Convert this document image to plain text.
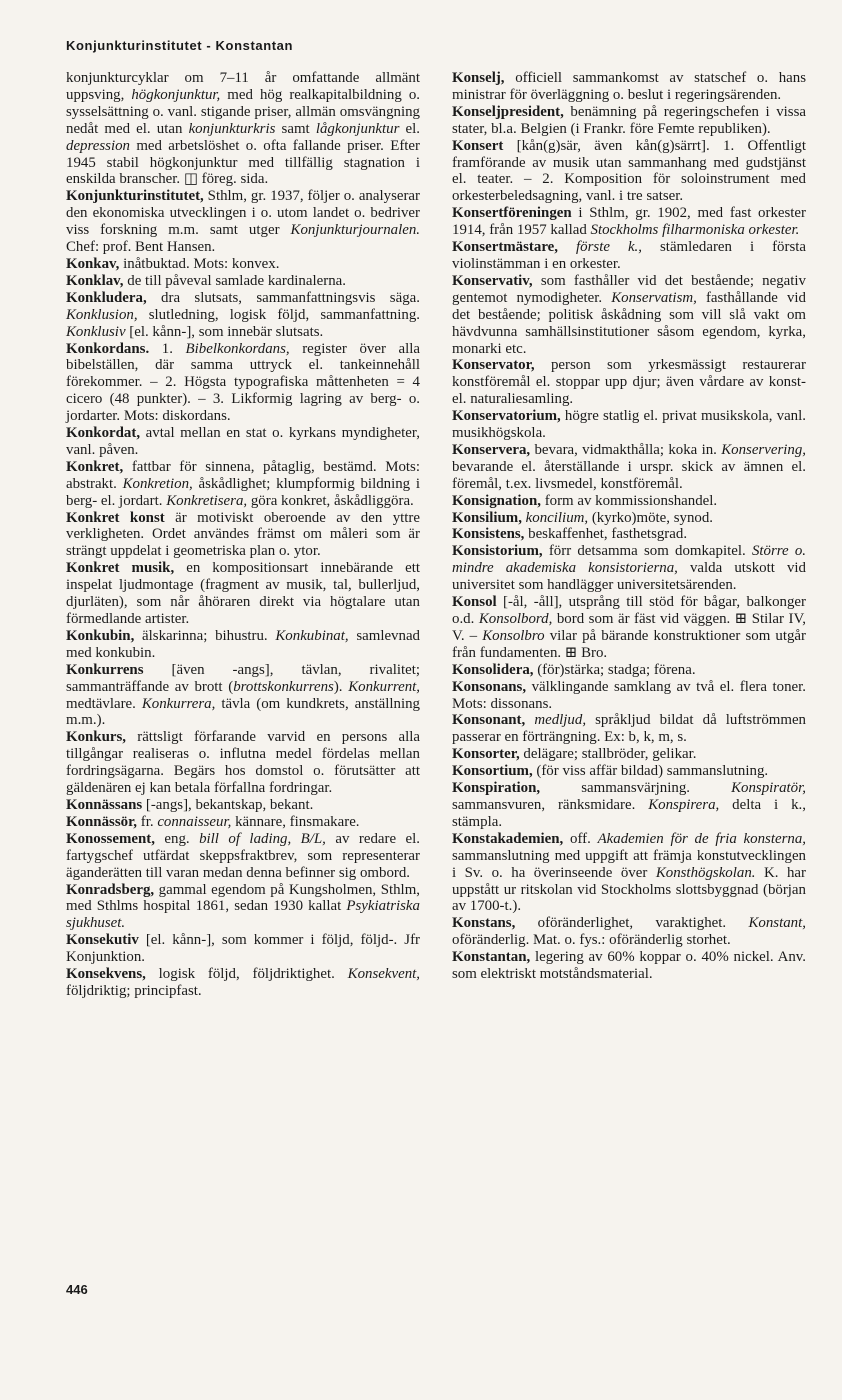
Konjunkturinstitutet - Konstantan

konjunkturcyklar om 7–11 år omfattande allmänt uppsving, högkonjunktur, med hög realkapitalbildning o. sysselsättning o. vanl. stigande priser, allmän omsvängning nedåt med el. utan konjunkturkris samt lågkonjunktur el. depression med arbetslöshet o. ofta fallande priser. Efter 1945 stabil högkonjunktur med tillfällig stagnation i enskilda branscher. ◫ föreg. sida.

Konjunkturinstitutet, Sthlm, gr. 1937, följer o. analyserar den ekonomiska utvecklingen i o. utom landet o. bedriver viss forskning m.m. samt utger Konjunkturjournalen. Chef: prof. Bent Hansen.

Konkav, inåtbuktad. Mots: konvex.

Konklav, de till påveval samlade kardinalerna.

Konkludera, dra slutsats, sammanfattningsvis säga. Konklusion, slutledning, logisk följd, sammanfattning. Konklusiv [el. kånn-], som innebär slutsats.

Konkordans. 1. Bibelkonkordans, register över alla bibelställen, där samma uttryck el. tankeinnehåll förekommer. – 2. Högsta typografiska måttenheten = 4 cicero (48 punkter). – 3. Likformig lagring av berg- o. jordarter. Mots: diskordans.

Konkordat, avtal mellan en stat o. kyrkans myndigheter, vanl. påven.

Konkret, fattbar för sinnena, påtaglig, bestämd. Mots: abstrakt. Konkretion, åskådlighet; klumpformig bildning i berg- el. jordart. Konkretisera, göra konkret, åskådliggöra.

Konkret konst är motiviskt oberoende av den yttre verkligheten. Ordet användes främst om måleri som är strängt uppdelat i geometriska plan o. ytor.

Konkret musik, en kompositionsart innebärande ett inspelat ljudmontage (fragment av musik, tal, bullerljud, djurläten), som når åhöraren direkt via högtalare utan förmedlande artister.

Konkubin, älskarinna; bihustru. Konkubinat, samlevnad med konkubin.

Konkurrens [även -angs], tävlan, rivalitet; sammanträffande av brott (brottskonkurrens). Konkurrent, medtävlare. Konkurrera, tävla (om kundkrets, anställning m.m.).

Konkurs, rättsligt förfarande varvid en persons alla tillgångar realiseras o. influtna medel fördelas mellan fordringsägarna. Begärs hos domstol o. förutsätter att gäldenären ej kan betala förfallna fordringar.

Konnässans [-angs], bekantskap, bekant.

Konnässör, fr. connaisseur, kännare, finsmakare.

Konossement, eng. bill of lading, B/L, av redare el. fartygschef utfärdat skeppsfraktbrev, som representerar äganderätten till varan medan denna befinner sig ombord.

Konradsberg, gammal egendom på Kungsholmen, Sthlm, med Sthlms hospital 1861, sedan 1930 kallat Psykiatriska sjukhuset.

Konsekutiv [el. kånn-], som kommer i följd, följd-. Jfr Konjunktion.

Konsekvens, logisk följd, följdriktighet. Konsekvent, följdriktig; principfast.

Konselj, officiell sammankomst av statschef o. hans ministrar för överläggning o. beslut i regeringsärenden.

Konseljpresident, benämning på regeringschefen i vissa stater, bl.a. Belgien (i Frankr. före Femte republiken).

Konsert [kån(g)sär, även kån(g)särrt]. 1. Offentligt framförande av musik utan sammanhang med gudstjänst el. teater. – 2. Komposition för soloinstrument med orkesterbeledsagning, vanl. i tre satser.

Konsertföreningen i Sthlm, gr. 1902, med fast orkester 1914, från 1957 kallad Stockholms filharmoniska orkester.

Konsertmästare, förste k., stämledaren i första violinstämman i en orkester.

Konservativ, som fasthåller vid det bestående; negativ gentemot nymodigheter. Konservatism, fasthållande vid det bestående; politisk åskådning som vill slå vakt om hävdvunna samhällsinstitutioner såsom egendom, kyrka, monarki etc.

Konservator, person som yrkesmässigt restaurerar konstföremål el. stoppar upp djur; även vårdare av konst- el. naturaliesamling.

Konservatorium, högre statlig el. privat musikskola, vanl. musikhögskola.

Konservera, bevara, vidmakthålla; koka in. Konservering, bevarande el. återställande i urspr. skick av ämnen el. föremål, t.ex. livsmedel, konstföremål.

Konsignation, form av kommissionshandel.

Konsilium, koncilium, (kyrko)möte, synod.

Konsistens, beskaffenhet, fasthetsgrad.

Konsistorium, förr detsamma som domkapitel. Större o. mindre akademiska konsistorierna, valda utskott vid universitet som handlägger universitetsärenden.

Konsol [-ål, -åll], utsprång till stöd för bågar, balkonger o.d. Konsolbord, bord som är fäst vid väggen. ⊞ Stilar IV, V. – Konsolbro vilar på bärande konstruktioner som utgår från fundamenten. ⊞ Bro.

Konsolidera, (för)stärka; stadga; förena.

Konsonans, välklingande samklang av två el. flera toner. Mots: dissonans.

Konsonant, medljud, språkljud bildat då luftströmmen passerar en förträngning. Ex: b, k, m, s.

Konsorter, delägare; stallbröder, gelikar.

Konsortium, (för viss affär bildad) sammanslutning.

Konspiration, sammansvärjning. Konspiratör, sammansvuren, ränksmidare. Konspirera, delta i k., stämpla.

Konstakademien, off. Akademien för de fria konsterna, sammanslutning med uppgift att främja konstutvecklingen i Sv. o. ha överinseende över Konsthögskolan. K. har uppstått ur ritskolan vid Stockholms slottsbyggnad (början av 1700-t.).

Konstans, oföränderlighet, varaktighet. Konstant, oföränderlig. Mat. o. fys.: oföränderlig storhet.

Konstantan, legering av 60% koppar o. 40% nickel. Anv. som elektriskt motståndsmaterial.

446
